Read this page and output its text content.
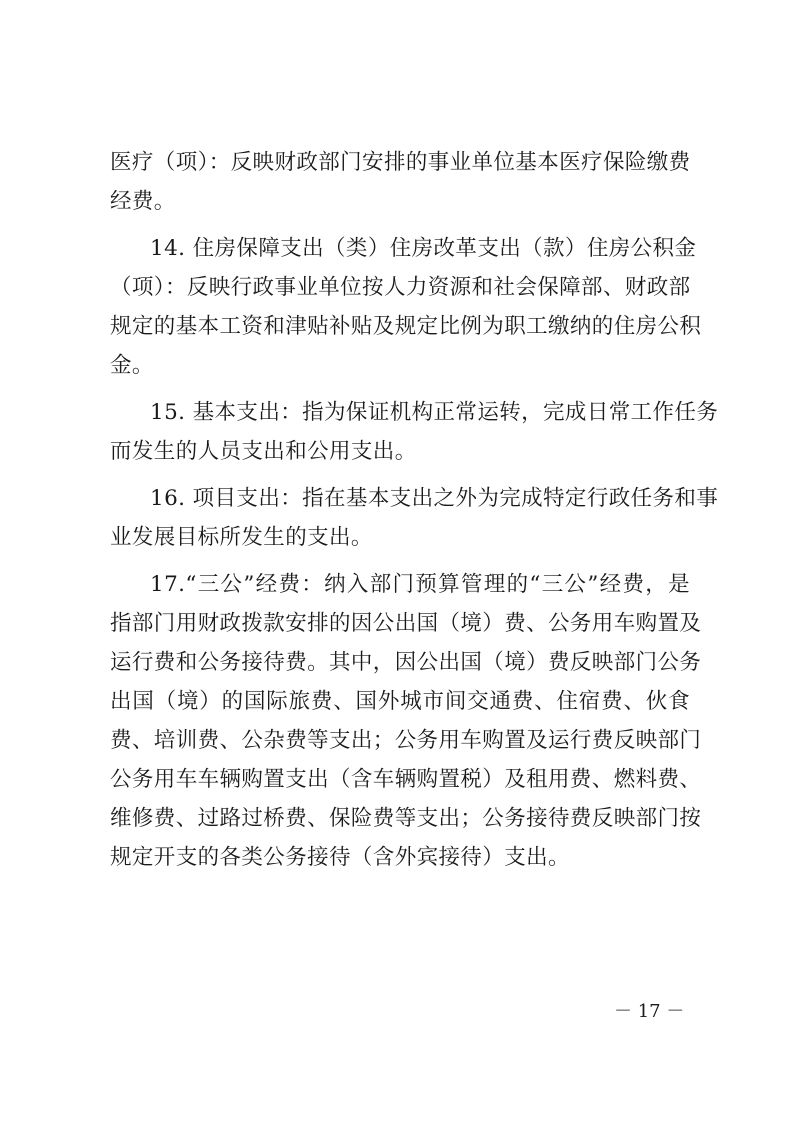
医疗（项）：反映财政部门安排的事业单位基本医疗保险缴费
经费。
14. 住房保障支出（类）住房改革支出（款）住房公积金
（项）：反映行政事业单位按人力资源和社会保障部、财政部
规定的基本工资和津贴补贴及规定比例为职工缴纳的住房公积
金。
15. 基本支出：指为保证机构正常运转，完成日常工作任务
而发生的人员支出和公用支出。
16. 项目支出：指在基本支出之外为完成特定行政任务和事
业发展目标所发生的支出。
17.“三公”经费：纳入部门预算管理的“三公”经费，是
指部门用财政拨款安排的因公出国（境）费、公务用车购置及
运行费和公务接待费。其中，因公出国（境）费反映部门公务
出国（境）的国际旅费、国外城市间交通费、住宿费、伙食
费、培训费、公杂费等支出；公务用车购置及运行费反映部门
公务用车车辆购置支出（含车辆购置税）及租用费、燃料费、
维修费、过路过桥费、保险费等支出；公务接待费反映部门按
规定开支的各类公务接待（含外宾接待）支出。
－ 17 －
